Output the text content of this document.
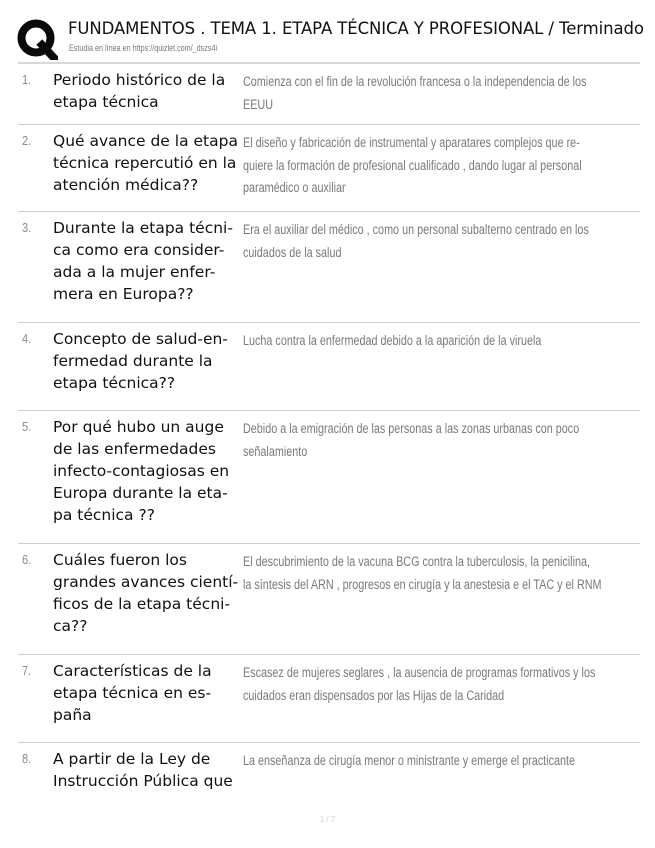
FUNDAMENTOS . TEMA 1. ETAPA TÉCNICA Y PROFESIONAL / Terminado
Estudia en línea en https://quizlet.com/_dszs4i
1. Periodo histórico de la etapa técnica
Comienza con el fin de la revolución francesa o la independencia de los
EEUU
2. Qué avance de la etapa técnica repercutió en la atención médica??
El diseño y fabricación de instrumental y aparatares complejos que re-
quiere la formación de profesional cualificado , dando lugar al personal
paramédico o auxiliar
3. Durante la etapa técni-
ca como era consider-
ada a la mujer enfer-
mera en Europa??
Era el auxiliar del médico , como un personal subalterno centrado en los
cuidados de la salud
4. Concepto de salud-en-
fermedad durante la
etapa técnica??
Lucha contra la enfermedad debido a la aparición de la viruela
5. Por qué hubo un auge
de las enfermedades
infecto-contagiosas en
Europa durante la eta-
pa técnica ??
Debido a la emigración de las personas a las zonas urbanas con poco
señalamiento
6. Cuáles fueron los
grandes avances cientí-
ficos de la etapa técni-
ca??
El descubrimiento de la vacuna BCG contra la tuberculosis, la penicilina,
la síntesis del ARN , progresos en cirugía y la anestesia e el TAC y el RNM
7. Características de la
etapa técnica en es-
paña
Escasez de mujeres seglares , la ausencia de programas formativos y los
cuidados eran dispensados por las Hijas de la Caridad
8. A partir de la Ley de
Instrucción Pública que
La enseñanza de cirugía menor o ministrante y emerge el practicante
1 / 7
